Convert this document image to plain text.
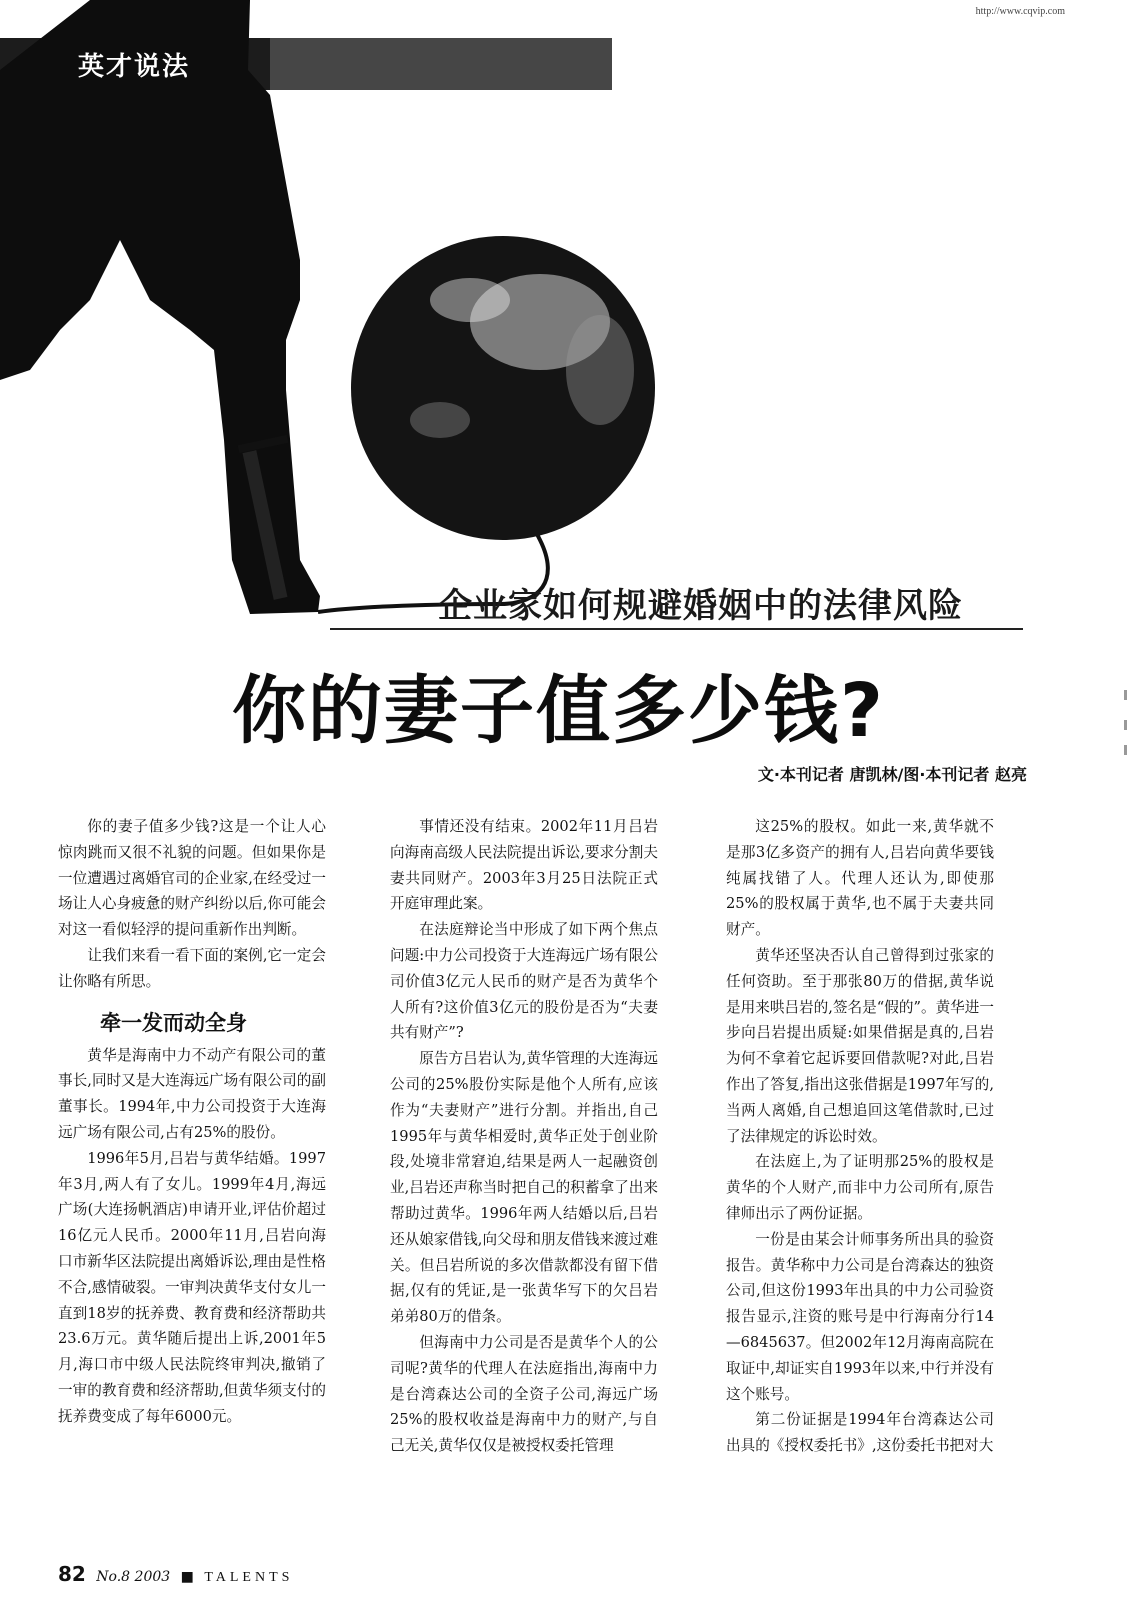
http://www.cqvip.com
英才说法
企业家如何规避婚姻中的法律风险
你的妻子值多少钱?
文·本刊记者 唐凯林/图·本刊记者 赵亮

你的妻子值多少钱?这是一个让人心惊肉跳而又很不礼貌的问题。但如果你是一位遭遇过离婚官司的企业家,在经受过一场让人心身疲惫的财产纠纷以后,你可能会对这一看似轻浮的提问重新作出判断。

让我们来看一看下面的案例,它一定会让你略有所思。

牵一发而动全身

黄华是海南中力不动产有限公司的董事长,同时又是大连海远广场有限公司的副董事长。1994年,中力公司投资于大连海远广场有限公司,占有25%的股份。

1996年5月,吕岩与黄华结婚。1997年3月,两人有了女儿。1999年4月,海远广场(大连扬帆酒店)申请开业,评估价超过16亿元人民币。2000年11月,吕岩向海口市新华区法院提出离婚诉讼,理由是性格不合,感情破裂。一审判决黄华支付女儿一直到18岁的抚养费、教育费和经济帮助共23.6万元。黄华随后提出上诉,2001年5月,海口市中级人民法院终审判决,撤销了一审的教育费和经济帮助,但黄华须支付的抚养费变成了每年6000元。

事情还没有结束。2002年11月吕岩向海南高级人民法院提出诉讼,要求分割夫妻共同财产。2003年3月25日法院正式开庭审理此案。

在法庭辩论当中形成了如下两个焦点问题:中力公司投资于大连海远广场有限公司价值3亿元人民币的财产是否为黄华个人所有?这价值3亿元的股份是否为“夫妻共有财产”?

原告方吕岩认为,黄华管理的大连海远公司的25%股份实际是他个人所有,应该作为“夫妻财产”进行分割。并指出,自己1995年与黄华相爱时,黄华正处于创业阶段,处境非常窘迫,结果是两人一起融资创业,吕岩还声称当时把自己的积蓄拿了出来帮助过黄华。1996年两人结婚以后,吕岩还从娘家借钱,向父母和朋友借钱来渡过难关。但吕岩所说的多次借款都没有留下借据,仅有的凭证,是一张黄华写下的欠吕岩弟弟80万的借条。

但海南中力公司是否是黄华个人的公司呢?黄华的代理人在法庭指出,海南中力是台湾森达公司的全资子公司,海远广场25%的股权收益是海南中力的财产,与自己无关,黄华仅仅是被授权委托管理

这25%的股权。如此一来,黄华就不是那3亿多资产的拥有人,吕岩向黄华要钱纯属找错了人。代理人还认为,即使那25%的股权属于黄华,也不属于夫妻共同财产。

黄华还坚决否认自己曾得到过张家的任何资助。至于那张80万的借据,黄华说是用来哄吕岩的,签名是“假的”。黄华进一步向吕岩提出质疑:如果借据是真的,吕岩为何不拿着它起诉要回借款呢?对此,吕岩作出了答复,指出这张借据是1997年写的,当两人离婚,自己想追回这笔借款时,已过了法律规定的诉讼时效。

在法庭上,为了证明那25%的股权是黄华的个人财产,而非中力公司所有,原告律师出示了两份证据。

一份是由某会计师事务所出具的验资报告。黄华称中力公司是台湾森达的独资公司,但这份1993年出具的中力公司验资报告显示,注资的账号是中行海南分行14—6845637。但2002年12月海南高院在取证中,却证实自1993年以来,中行并没有这个账号。

第二份证据是1994年台湾森达公司出具的《授权委托书》,这份委托书把对大

82 No.8 2003 ■ TALENTS
